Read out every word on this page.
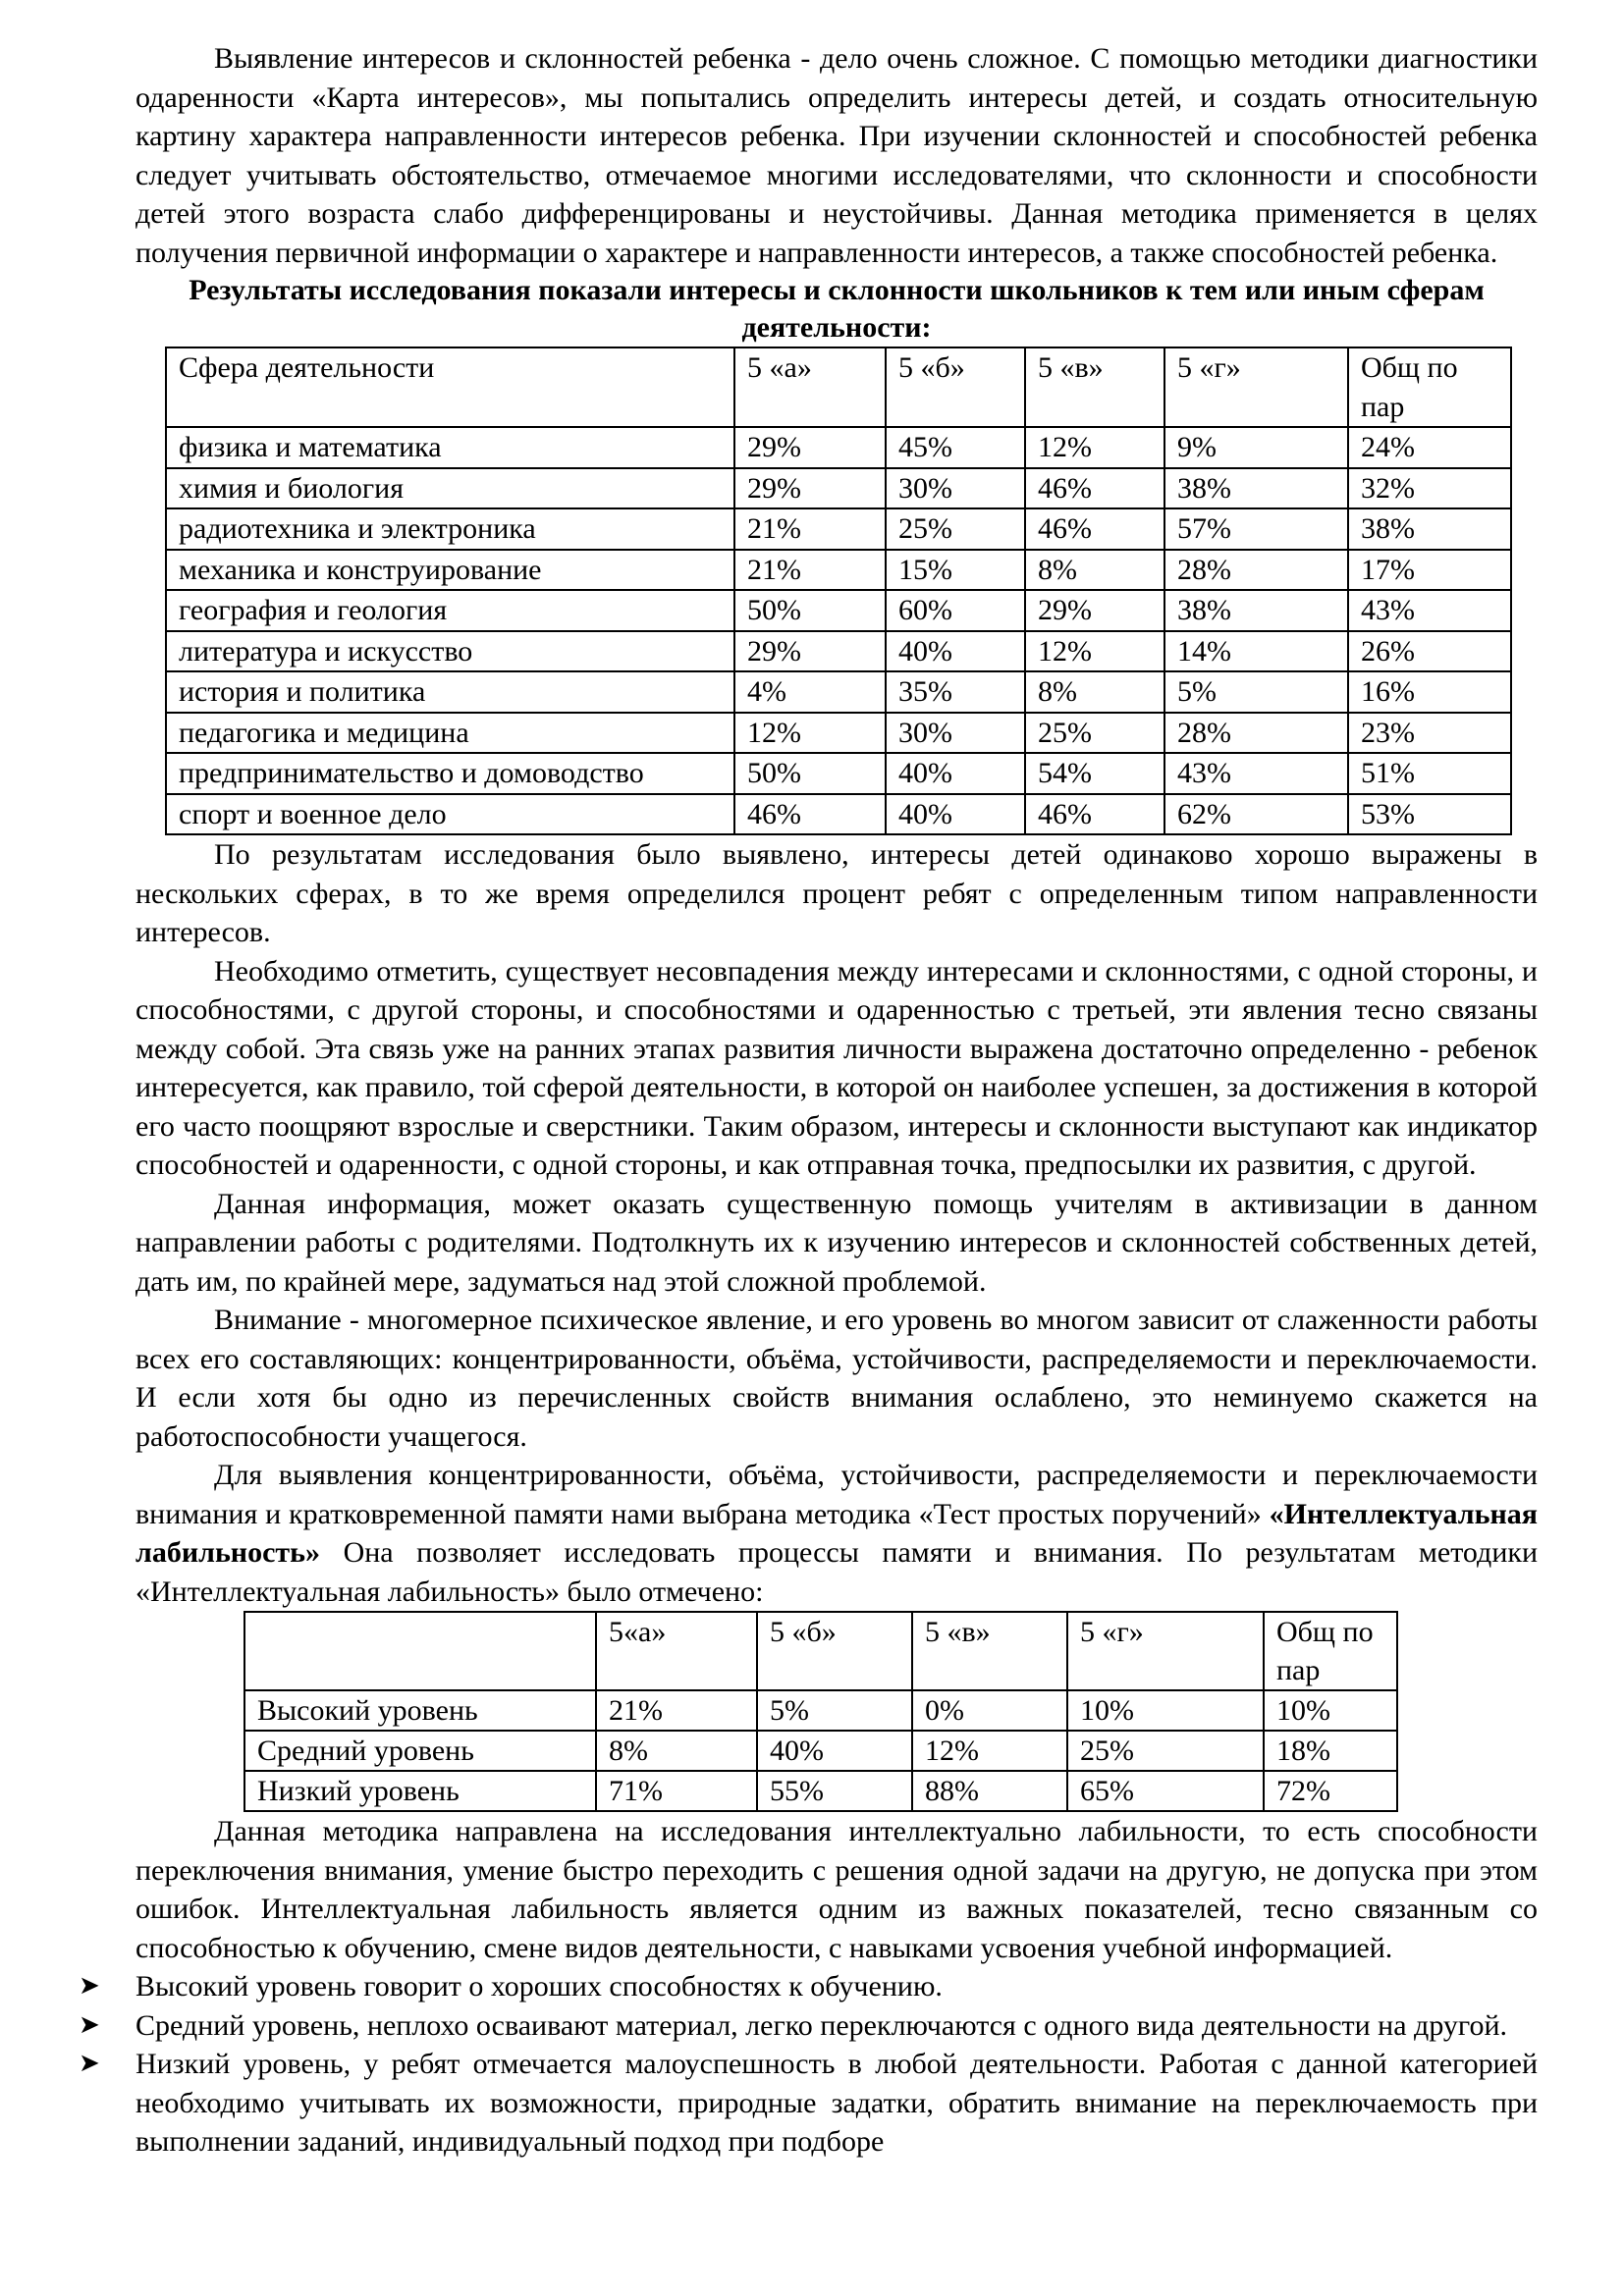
Выявление интересов и склонностей ребенка - дело очень сложное. С помощью методики диагностики одаренности «Карта интересов», мы попытались определить интересы детей, и создать относительную картину характера направленности интересов ребенка. При изучении склонностей и способностей ребенка следует учитывать обстоятельство, отмечаемое многими исследователями, что склонности и способности детей этого возраста слабо дифференцированы и неустойчивы. Данная методика применяется в целях получения первичной информации о характере и направленности интересов, а также способностей ребенка.

Результаты исследования показали интересы и склонности школьников к тем или иным сферам деятельности:

Сфера деятельности	5 «а»	5 «б»	5 «в»	5 «г»	Общ по пар
физика и математика	29%	45%	12%	9%	24%
химия и биология	29%	30%	46%	38%	32%
радиотехника и электроника	21%	25%	46%	57%	38%
механика и конструирование	21%	15%	8%	28%	17%
география и геология	50%	60%	29%	38%	43%
литература и искусство	29%	40%	12%	14%	26%
история и политика	4%	35%	8%	5%	16%
педагогика и медицина	12%	30%	25%	28%	23%
предпринимательство и домоводство	50%	40%	54%	43%	51%
спорт и военное дело	46%	40%	46%	62%	53%

По результатам исследования было выявлено, интересы детей одинаково хорошо выражены в нескольких сферах, в то же время определился процент ребят с определенным типом направленности интересов.

Необходимо отметить, существует несовпадения между интересами и склонностями, с одной стороны, и способностями, с другой стороны, и способностями и одаренностью с третьей, эти явления тесно связаны между собой. Эта связь уже на ранних этапах развития личности выражена достаточно определенно - ребенок интересуется, как правило, той сферой деятельности, в которой он наиболее успешен, за достижения в которой его часто поощряют взрослые и сверстники. Таким образом, интересы и склонности выступают как индикатор способностей и одаренности, с одной стороны, и как отправная точка, предпосылки их развития, с другой.

Данная информация, может оказать существенную помощь учителям в активизации в данном направлении работы с родителями. Подтолкнуть их к изучению интересов и склонностей собственных детей, дать им, по крайней мере, задуматься над этой сложной проблемой.

Внимание - многомерное психическое явление, и его уровень во многом зависит от слаженности работы всех его составляющих: концентрированности, объёма, устойчивости, распределяемости и переключаемости. И если хотя бы одно из перечисленных свойств внимания ослаблено, это неминуемо скажется на работоспособности учащегося.

Для выявления концентрированности, объёма, устойчивости, распределяемости и переключаемости внимания и кратковременной памяти нами выбрана методика «Тест простых поручений» «Интеллектуальная лабильность» Она позволяет исследовать процессы памяти и внимания. По результатам методики «Интеллектуальная лабильность» было отмечено:

	5«а»	5 «б»	5 «в»	5 «г»	Общ по пар
Высокий уровень	21%	5%	0%	10%	10%
Средний уровень	8%	40%	12%	25%	18%
Низкий уровень	71%	55%	88%	65%	72%

Данная методика направлена на исследования интеллектуально лабильности, то есть способности переключения внимания, умение быстро переходить с решения одной задачи на другую, не допуска при этом ошибок. Интеллектуальная лабильность является одним из важных показателей, тесно связанным со способностью к обучению, смене видов деятельности, с навыками усвоения учебной информацией.

➤ Высокий уровень говорит о хороших способностях к обучению.

➤ Средний уровень, неплохо осваивают материал, легко переключаются с одного вида деятельности на другой.

➤ Низкий уровень, у ребят отмечается малоуспешность в любой деятельности. Работая с данной категорией необходимо учитывать их возможности, природные задатки, обратить внимание на переключаемость при выполнении заданий, индивидуальный подход при подборе
